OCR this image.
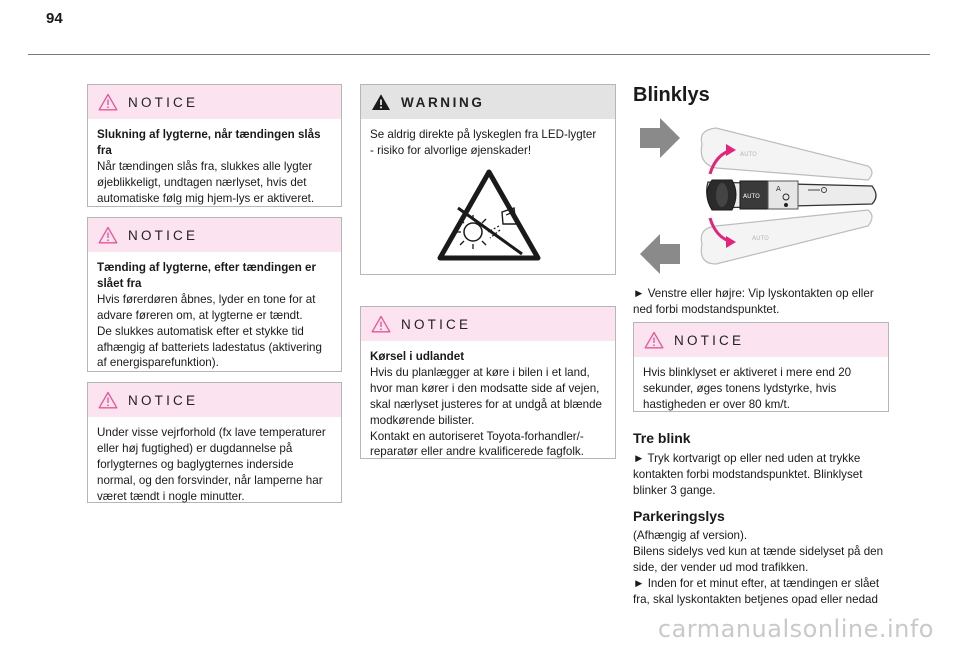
94
NOTICE
Slukning af lygterne, når tændingen slås
fra
Når tændingen slås fra, slukkes alle lygter
øjeblikkeligt, undtagen nærlyset, hvis det
automatiske følg mig hjem-lys er aktiveret.
NOTICE
Tænding af lygterne, efter tændingen er
slået fra
Hvis førerdøren åbnes, lyder en tone for at
advare føreren om, at lygterne er tændt.
De slukkes automatisk efter et stykke tid
afhængig af batteriets ladestatus (aktivering
af energisparefunktion).
NOTICE
Under visse vejrforhold (fx lave temperaturer
eller høj fugtighed) er dugdannelse på
forlygternes og baglygternes inderside
normal, og den forsvinder, når lamperne har
været tændt i nogle minutter.
WARNING
Se aldrig direkte på lyskeglen fra LED-lygter
- risiko for alvorlige øjenskader!
NOTICE
Kørsel i udlandet
Hvis du planlægger at køre i bilen i et land,
hvor man kører i den modsatte side af vejen,
skal nærlyset justeres for at undgå at blænde
modkørende bilister.
Kontakt en autoriseret Toyota-forhandler/-
reparatør eller andre kvalificerede fagfolk.
Blinklys
AUTO
AUTO
AUTO
A
► Venstre eller højre: Vip lyskontakten op eller
ned forbi modstandspunktet.
NOTICE
Hvis blinklyset er aktiveret i mere end 20
sekunder, øges tonens lydstyrke, hvis
hastigheden er over 80 km/t.
Tre blink
► Tryk kortvarigt op eller ned uden at trykke
kontakten forbi modstandspunktet. Blinklyset
blinker 3 gange.
Parkeringslys
(Afhængig af version).
Bilens sidelys ved kun at tænde sidelyset på den
side, der vender ud mod trafikken.
► Inden for et minut efter, at tændingen er slået
fra, skal lyskontakten betjenes opad eller nedad
carmanualsonline.info
